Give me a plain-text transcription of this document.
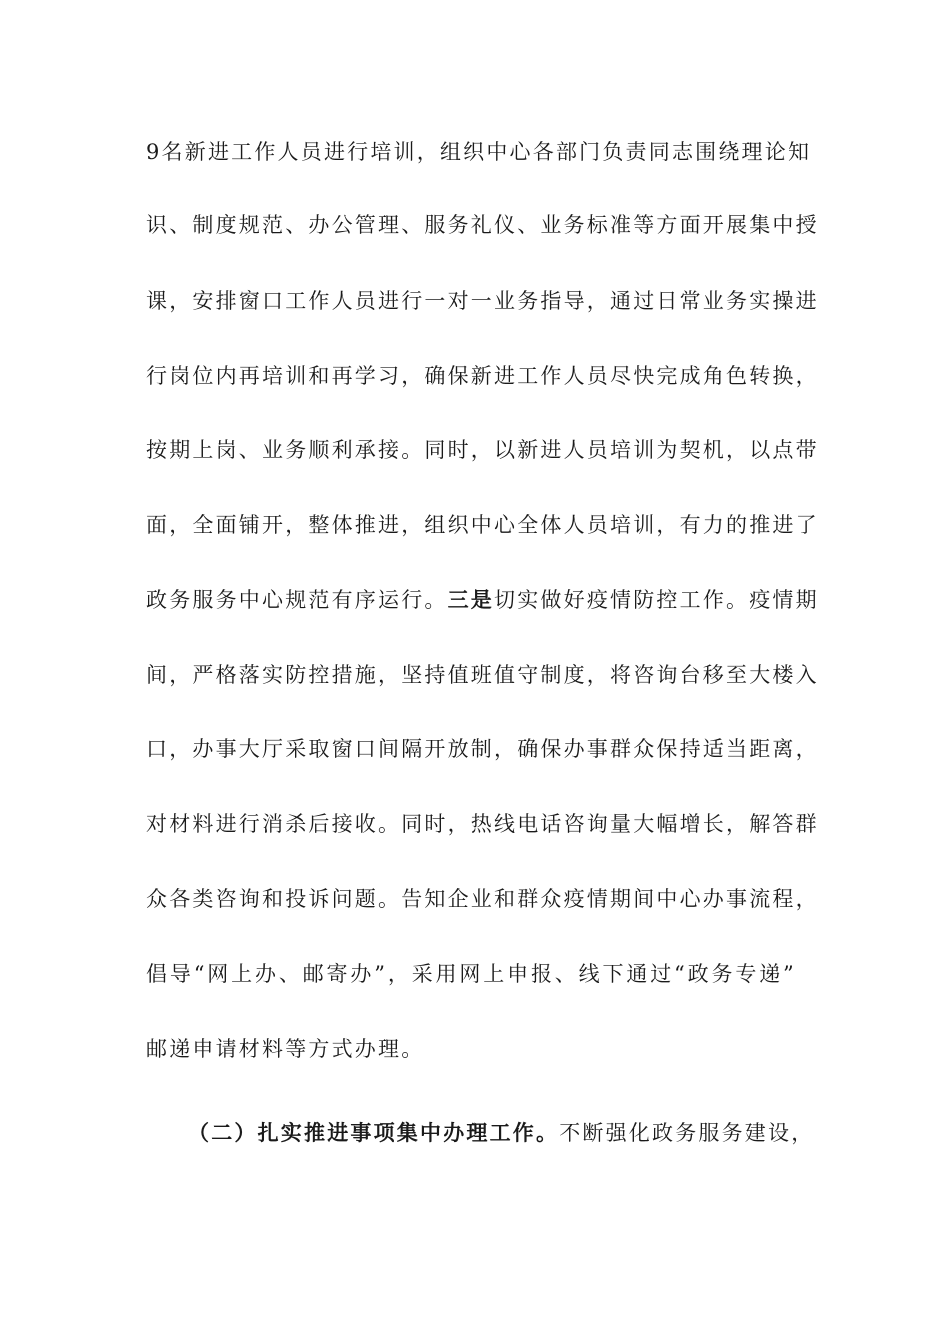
9名新进工作人员进行培训，组织中心各部门负责同志围绕理论知
识、制度规范、办公管理、服务礼仪、业务标准等方面开展集中授
课，安排窗口工作人员进行一对一业务指导，通过日常业务实操进
行岗位内再培训和再学习，确保新进工作人员尽快完成角色转换，
按期上岗、业务顺利承接。同时，以新进人员培训为契机，以点带
面，全面铺开，整体推进，组织中心全体人员培训，有力的推进了
政务服务中心规范有序运行。三是切实做好疫情防控工作。疫情期
间，严格落实防控措施，坚持值班值守制度，将咨询台移至大楼入
口，办事大厅采取窗口间隔开放制，确保办事群众保持适当距离，
对材料进行消杀后接收。同时，热线电话咨询量大幅增长，解答群
众各类咨询和投诉问题。告知企业和群众疫情期间中心办事流程，
倡导“网上办、邮寄办”，采用网上申报、线下通过“政务专递”
邮递申请材料等方式办理。
（二）扎实推进事项集中办理工作。不断强化政务服务建设，
